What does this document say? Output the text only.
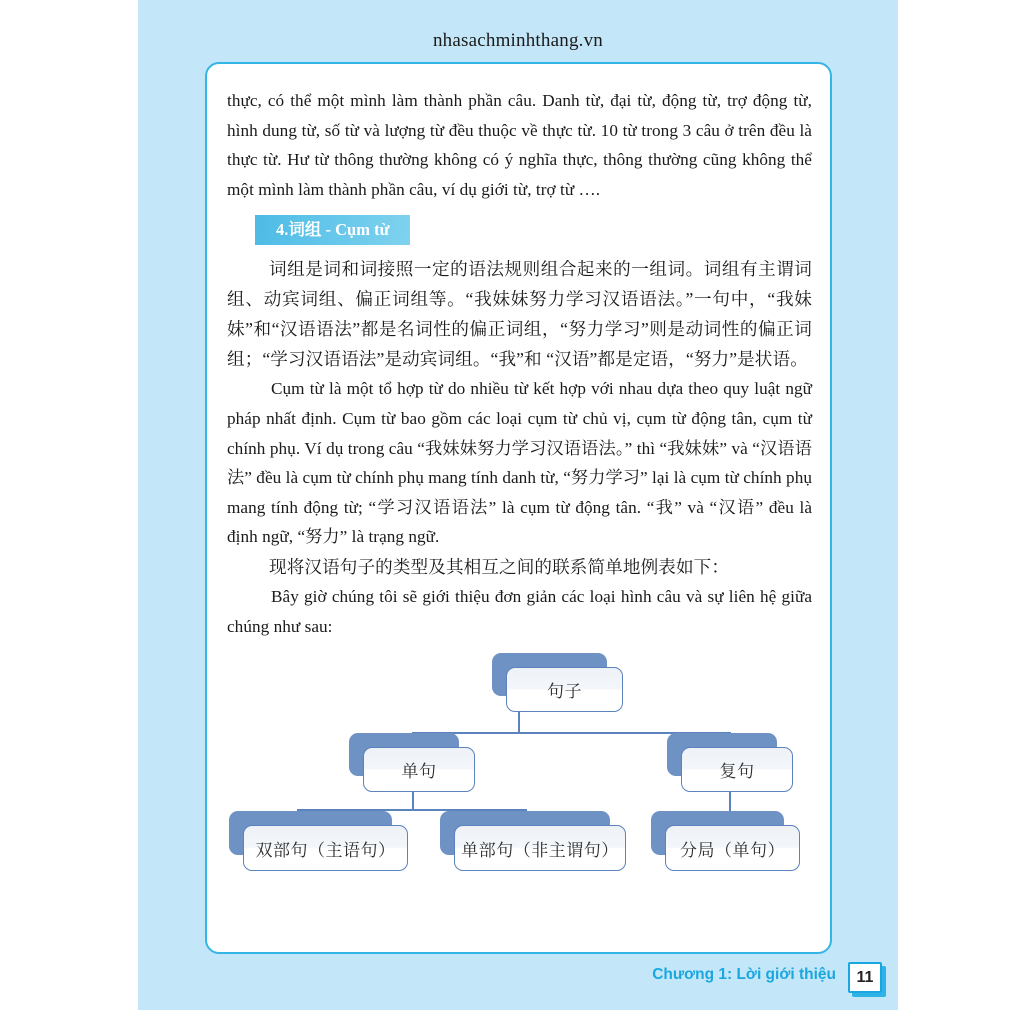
nhasachminhthang.vn

thực, có thể một mình làm thành phần câu. Danh từ, đại từ, động từ, trợ động từ, hình dung từ, số từ và lượng từ đều thuộc về thực từ. 10 từ trong 3 câu ở trên đều là thực từ. Hư từ thông thường không có ý nghĩa thực, thông thường cũng không thể một mình làm thành phần câu, ví dụ giới từ, trợ từ ….

4.词组 - Cụm từ

词组是词和词接照一定的语法规则组合起来的一组词。词组有主谓词组、动宾词组、偏正词组等。“我妹妹努力学习汉语语法。”一句中，“我妹妹”和“汉语语法”都是名词性的偏正词组，“努力学习”则是动词性的偏正词组；“学习汉语语法”是动宾词组。“我”和 “汉语”都是定语，“努力”是状语。

Cụm từ là một tổ hợp từ do nhiều từ kết hợp với nhau dựa theo quy luật ngữ pháp nhất định. Cụm từ bao gồm các loại cụm từ chủ vị, cụm từ động tân, cụm từ chính phụ. Ví dụ trong câu “我妹妹努力学习汉语语法。” thì “我妹妹” và “汉语语法” đều là cụm từ chính phụ mang tính danh từ, “努力学习” lại là cụm từ chính phụ mang tính động từ; “学习汉语语法” là cụm từ động tân. “我” và “汉语” đều là định ngữ, “努力” là trạng ngữ.

现将汉语句子的类型及其相互之间的联系简单地例表如下：

Bây giờ chúng tôi sẽ giới thiệu đơn giản các loại hình câu và sự liên hệ giữa chúng như sau:

句子
单句	复句
双部句（主语句）	单部句（非主谓句）	分局（单句）
Chương 1: Lời giới thiệu	11
